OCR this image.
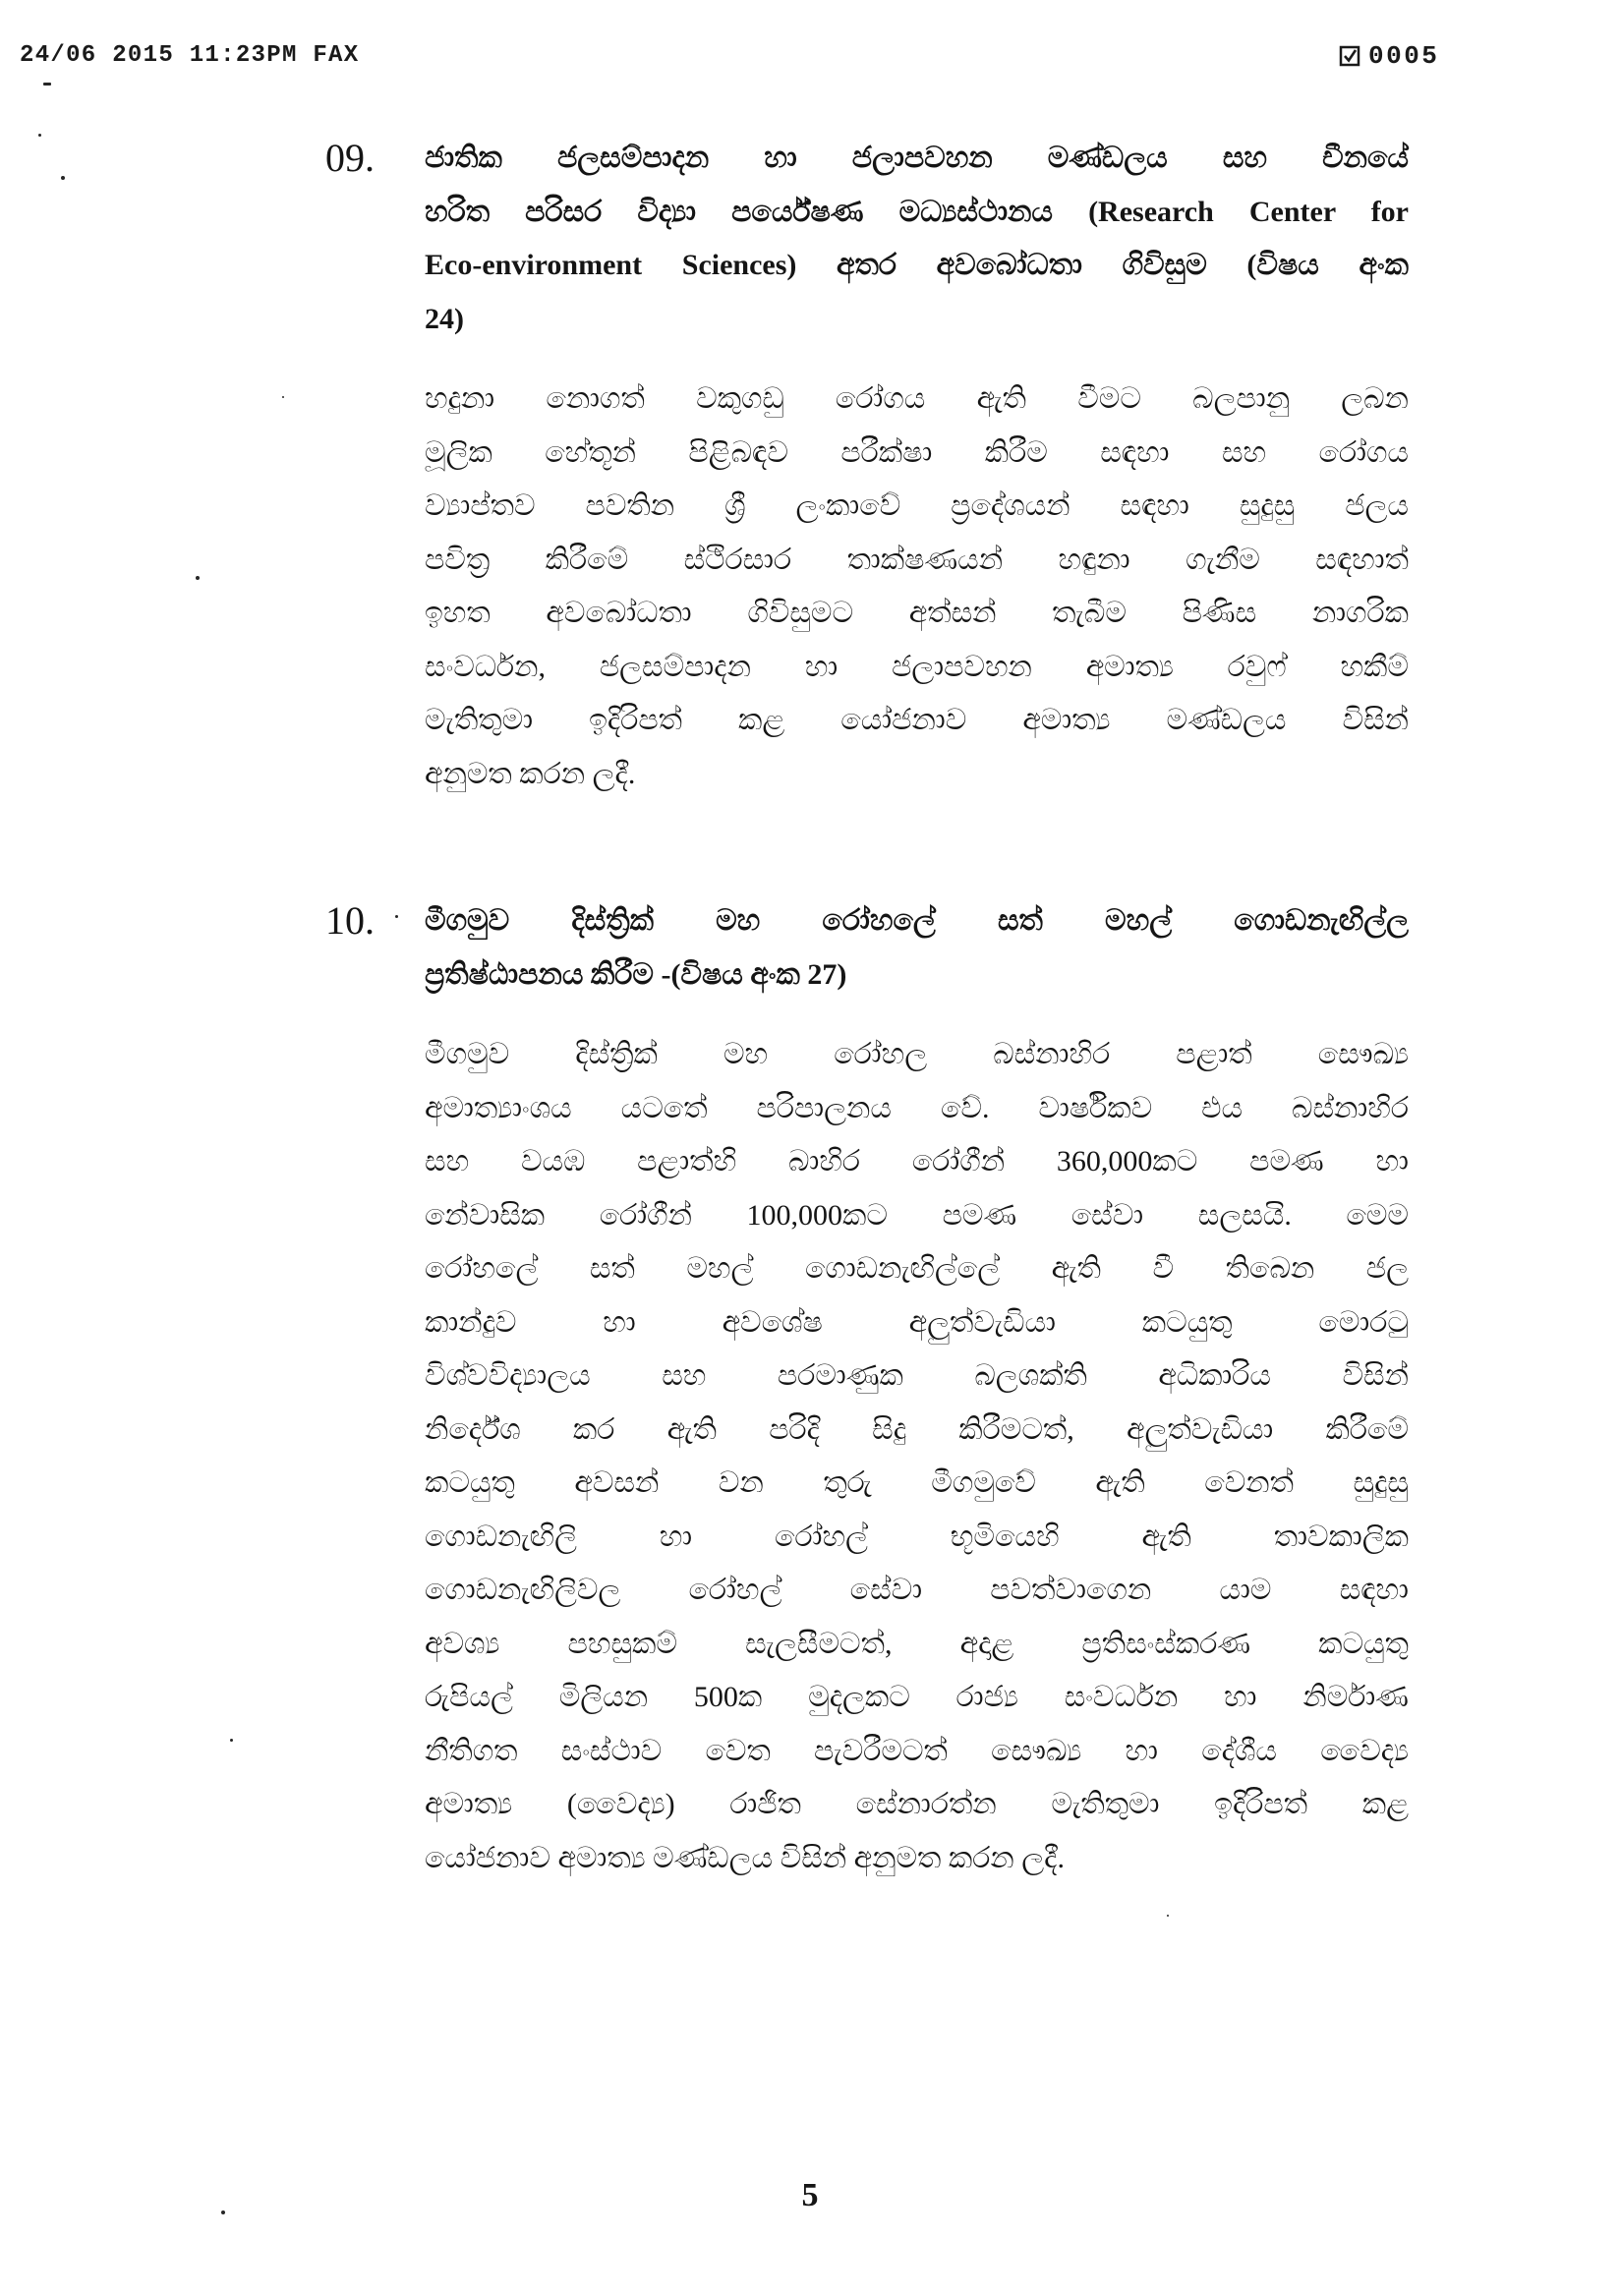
24/06 2015 11:23PM FAX	0005
09. ජාතික ජලසම්පාදන හා ජලාපවහන මණ්ඩලය සහ චීනයේ
හරිත පරිසර විද්‍යා පර්යේෂණ මධ්‍යස්ථානය (Research Center for
Eco-environment Sciences) අතර අවබෝධතා ගිවිසුම (විෂය අංක
24)
හදුනා නොගත් වකුගඩු රෝගය ඇති වීමට බලපානු ලබන
මූලික හේතූන් පිළිබඳව පරීක්ෂා කිරීම සඳහා සහ රෝගය
ව්‍යාප්තව පවතින ශ්‍රී ලංකාවේ ප්‍රදේශයන් සඳහා සුදුසු ජලය
පවිත්‍ර කිරීමේ ස්ථිරසාර තාක්ෂණයන් හඳුනා ගැනීම සඳහාත්
ඉහත අවබෝධතා ගිවිසුමට අත්සන් තැබීම පිණිස නාගරික
සංවර්ධන, ජලසම්පාදන හා ජලාපවහන අමාත්‍ය රවුෆ් හකීම්
මැතිතුමා ඉදිරිපත් කළ යෝජනාව අමාත්‍ය මණ්ඩලය විසින්
අනුමත කරන ලදී.
10. මීගමුව දිස්ත්‍රික් මහ රෝහලේ සත් මහල් ගොඩනැඟිල්ල
ප්‍රතිෂ්ඨාපනය කිරීම -(විෂය අංක 27)
මීගමුව දිස්ත්‍රික් මහ රෝහල බස්නාහිර පළාත් සෞඛ්‍ය
අමාත්‍යාංශය යටතේ පරිපාලනය වේ. වාර්ෂිකව එය බස්නාහිර
සහ වයඹ පළාත්හි බාහිර රෝගීන් 360,000කට පමණ හා
නේවාසික රෝගීන් 100,000කට පමණ සේවා සලසයි. මෙම
රෝහලේ සත් මහල් ගොඩනැඟිල්ලේ ඇති වී තිබෙන ජල
කාන්දුව හා අවශේෂ අලුත්වැඩියා කටයුතු මොරටු
විශ්වවිද්‍යාලය සහ පරමාණුක බලශක්ති අධිකාරිය විසින්
නිර්දේශ කර ඇති පරිදි සිදු කිරීමටත්, අලුත්වැඩියා කිරීමේ
කටයුතු අවසන් වන තුරු මීගමුවේ ඇති වෙනත් සුදුසු
ගොඩනැඟිලි හා රෝහල් භූමියෙහි ඇති තාවකාලික
ගොඩනැඟිලිවල රෝහල් සේවා පවත්වාගෙන යාම සඳහා
අවශ්‍ය පහසුකම් සැලසීමටත්, අදාළ ප්‍රතිසංස්කරණ කටයුතු
රුපියල් මිලියන 500ක මුදලකට රාජ්‍ය සංවර්ධන හා නිර්මාණ
නීතිගත සංස්ථාව වෙත පැවරීමටත් සෞඛ්‍ය හා දේශීය වෛද්‍ය
අමාත්‍ය (වෛද්‍ය) රාජිත සේනාරත්න මැතිතුමා ඉදිරිපත් කළ
යෝජනාව අමාත්‍ය මණ්ඩලය විසින් අනුමත කරන ලදී.
5
